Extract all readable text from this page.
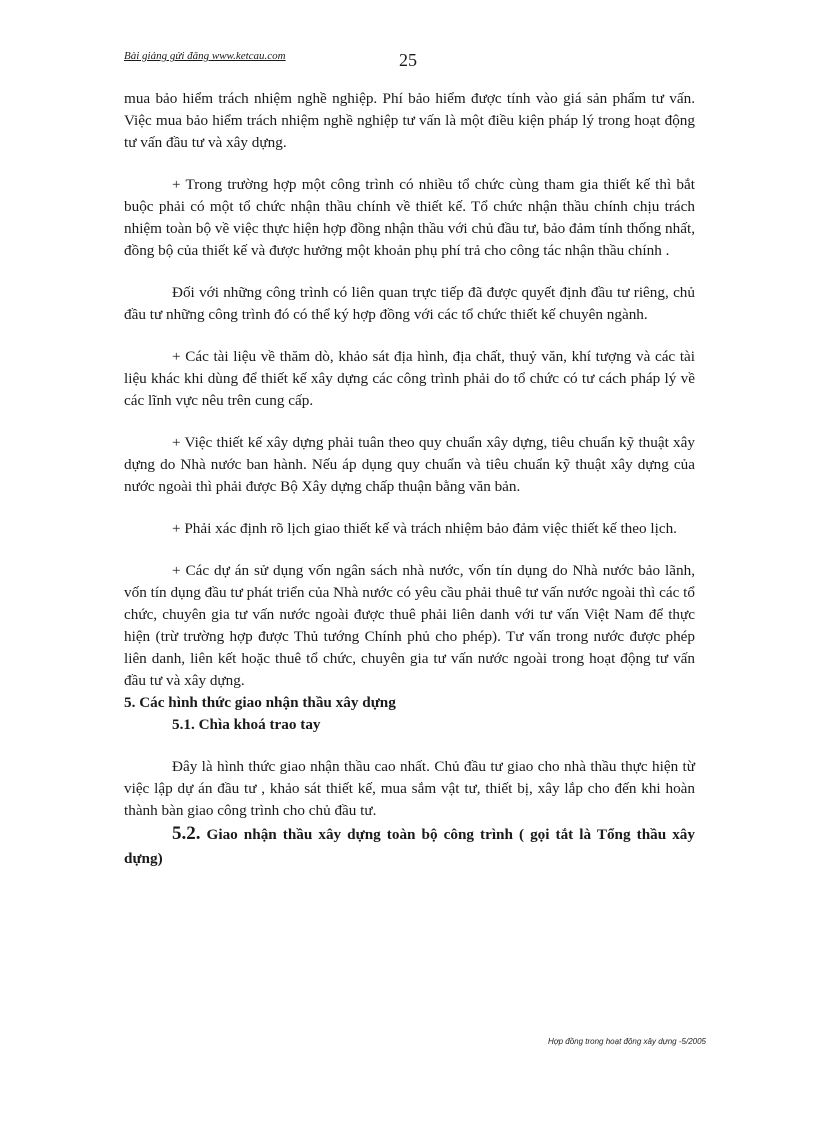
Bài giảng gửi đăng www.ketcau.com	25

mua bảo hiểm trách nhiệm nghề nghiệp. Phí bảo hiểm được tính vào giá sản phẩm tư vấn. Việc mua bảo hiểm trách nhiệm nghề nghiệp tư vấn là một điều kiện pháp lý trong hoạt động tư vấn đầu tư và xây dựng.

+ Trong trường hợp một công trình có nhiều tổ chức cùng tham gia thiết kế thì bắt buộc phải có một tổ chức nhận thầu chính về thiết kế. Tổ chức nhận thầu chính chịu trách nhiệm toàn bộ về việc thực hiện hợp đồng nhận thầu với chủ đầu tư, bảo đảm tính thống nhất, đồng bộ của thiết kế và được hưởng một khoản phụ phí trả cho công tác nhận thầu chính .

Đối với những công trình có liên quan trực tiếp đã được quyết định đầu tư riêng, chủ đầu tư những công trình đó có thể ký hợp đồng với các tổ chức thiết kế chuyên ngành.

+ Các tài liệu về thăm dò, khảo sát địa hình, địa chất, thuỷ văn, khí tượng và các tài liệu khác khi dùng để thiết kế xây dựng các công trình phải do tổ chức có tư cách pháp lý về các lĩnh vực nêu trên cung cấp.

+ Việc thiết kế xây dựng phải tuân theo quy chuẩn xây dựng, tiêu chuẩn kỹ thuật xây dựng do Nhà nước ban hành. Nếu áp dụng quy chuẩn và tiêu chuẩn kỹ thuật xây dựng của nước ngoài thì phải được Bộ Xây dựng chấp thuận bằng văn bản.

+ Phải xác định rõ lịch giao thiết kế và trách nhiệm bảo đảm việc thiết kế theo lịch.

+ Các dự án sử dụng vốn ngân sách nhà nước, vốn tín dụng do Nhà nước bảo lãnh, vốn tín dụng đầu tư phát triển của Nhà nước có yêu cầu phải thuê tư vấn nước ngoài thì các tổ chức, chuyên gia tư vấn nước ngoài được thuê phải liên danh với tư vấn Việt Nam để thực hiện (trừ trường hợp được Thủ tướng Chính phủ cho phép). Tư vấn trong nước được phép liên danh, liên kết hoặc thuê tổ chức, chuyên gia tư vấn nước ngoài trong hoạt động tư vấn đầu tư và xây dựng.

5. Các hình thức giao nhận thầu xây dựng

5.1. Chìa khoá trao tay

Đây là hình thức giao nhận thầu cao nhất. Chủ đầu tư giao cho nhà thầu thực hiện từ việc lập dự án đầu tư , khảo sát thiết kế, mua sắm vật tư, thiết bị, xây lắp cho đến khi hoàn thành bàn giao công trình cho chủ đầu tư.

5.2. Giao nhận thầu xây dựng toàn bộ công trình ( gọi tắt là Tổng thầu xây dựng)

Hợp đồng trong hoạt động xây dựng -5/2005
